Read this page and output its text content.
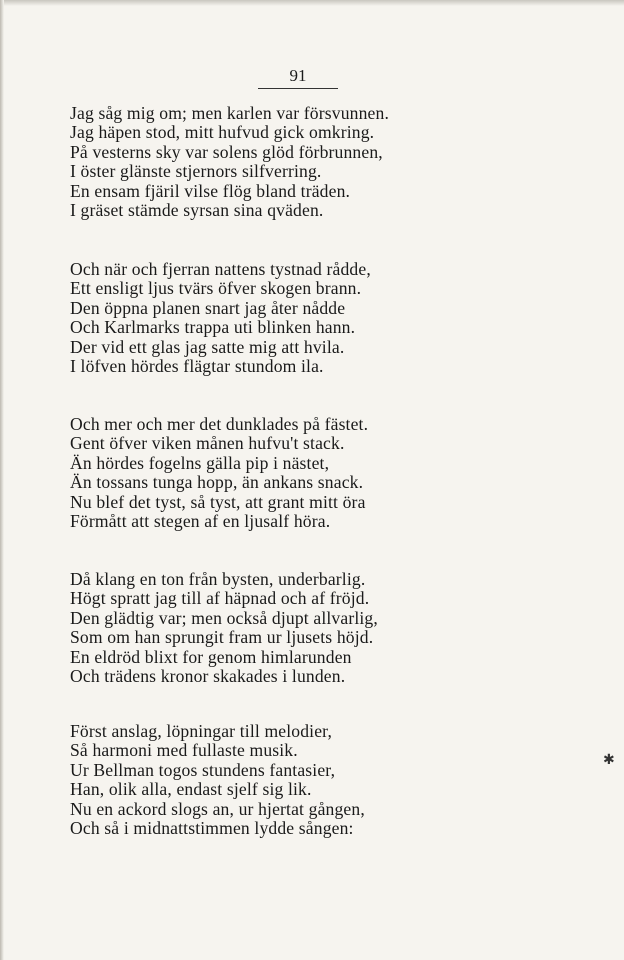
91
Jag såg mig om; men karlen var försvunnen.
Jag häpen stod, mitt hufvud gick omkring.
På vesterns sky var solens glöd förbrunnen,
I öster glänste stjernors silfverring.
En ensam fjäril vilse flög bland träden.
I gräset stämde syrsan sina qväden.
Och när och fjerran nattens tystnad rådde,
Ett ensligt ljus tvärs öfver skogen brann.
Den öppna planen snart jag åter nådde
Och Karlmarks trappa uti blinken hann.
Der vid ett glas jag satte mig att hvila.
I löfven hördes flägtar stundom ila.
Och mer och mer det dunklades på fästet.
Gent öfver viken månen hufvu't stack.
Än hördes fogelns gälla pip i nästet,
Än tossans tunga hopp, än ankans snack.
Nu blef det tyst, så tyst, att grant mitt öra
Förmått att stegen af en ljusalf höra.
Då klang en ton från bysten, underbarlig.
Högt spratt jag till af häpnad och af fröjd.
Den glädtig var; men också djupt allvarlig,
Som om han sprungit fram ur ljusets höjd.
En eldröd blixt for genom himlarunden
Och trädens kronor skakades i lunden.
Först anslag, löpningar till melodier,
Så harmoni med fullaste musik.
Ur Bellman togos stundens fantasier,
Han, olik alla, endast sjelf sig lik.
Nu en ackord slogs an, ur hjertat gången,
Och så i midnattstimmen lydde sången:
✱
